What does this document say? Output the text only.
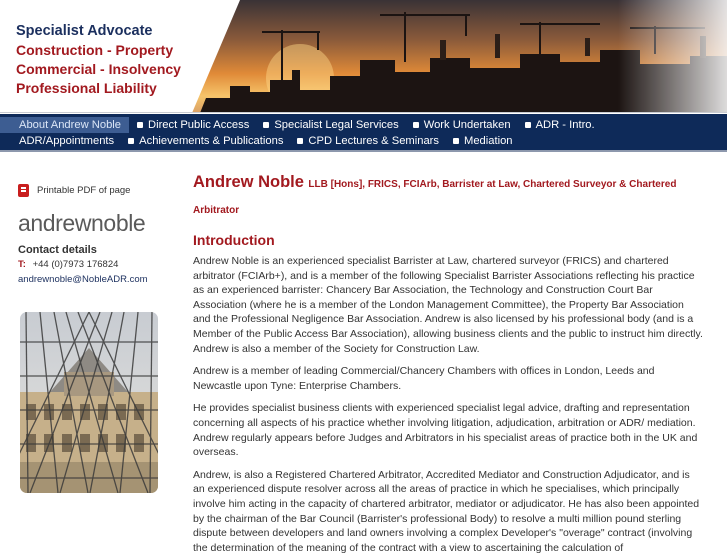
Specialist Advocate
Construction - Property
Commercial - Insolvency
Professional Liability
About Andrew Noble	Direct Public Access	Specialist Legal Services	Work Undertaken	ADR - Intro.
ADR/Appointments	Achievements & Publications	CPD Lectures & Seminars	Mediation
Printable PDF of page
andrewnoble
Contact details
T: +44 (0)7973 176824
andrewnoble@NobleADR.com

Andrew Noble LLB [Hons], FRICS, FCIArb, Barrister at Law, Chartered Surveyor & Chartered Arbitrator

Introduction

Andrew Noble is an experienced specialist Barrister at Law, chartered surveyor (FRICS) and chartered arbitrator (FCIArb+), and is a member of the following Specialist Barrister Associations reflecting his practice as an experienced barrister: Chancery Bar Association, the Technology and Construction Court Bar Association (where he is a member of the London Management Committee), the Property Bar Association and the Professional Negligence Bar Association. Andrew is also licensed by his professional body (and is a Member of the Public Access Bar Association), allowing business clients and the public to instruct him directly. Andrew is also a member of the Society for Construction Law.

Andrew is a member of leading Commercial/Chancery Chambers with offices in London, Leeds and Newcastle upon Tyne: Enterprise Chambers.

He provides specialist business clients with experienced specialist legal advice, drafting and representation concerning all aspects of his practice whether involving litigation, adjudication, arbitration or ADR/ mediation. Andrew regularly appears before Judges and Arbitrators in his specialist areas of practice both in the UK and overseas.

Andrew, is also a Registered Chartered Arbitrator, Accredited Mediator and Construction Adjudicator, and is an experienced dispute resolver across all the areas of practice in which he specialises, which principally involve him acting in the capacity of chartered arbitrator, mediator or adjudicator. He has also been appointed by the chairman of the Bar Council (Barrister's professional Body) to resolve a multi million pound sterling dispute between developers and land owners involving a complex Developer's "overage" contract (involving the determination of the meaning of the contract with a view to ascertaining the calculation of
